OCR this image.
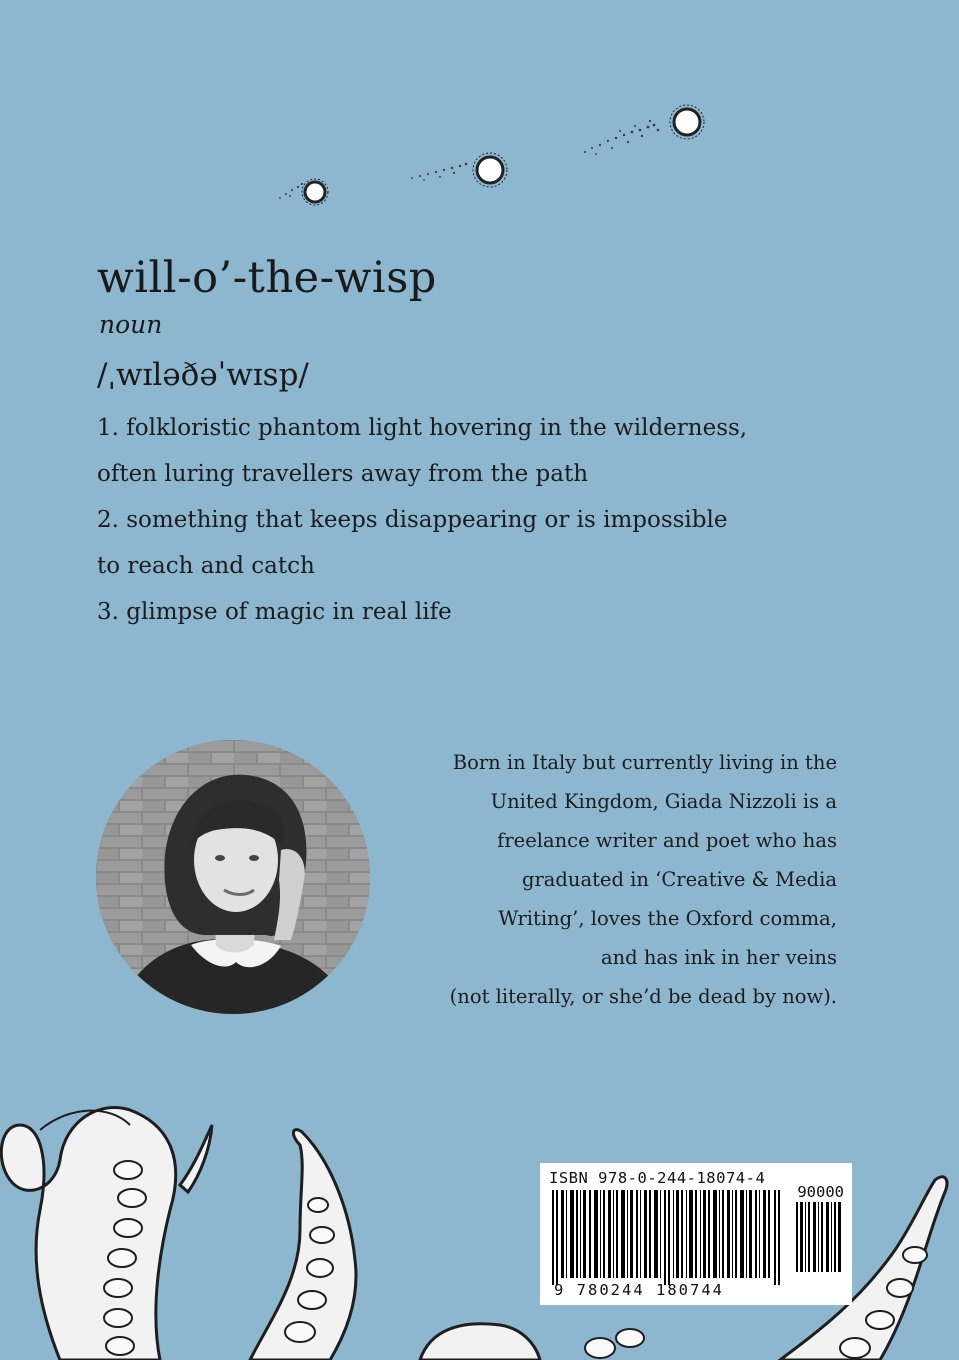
will-o’-the-wisp
noun
/ˌwɪləðəˈwɪsp/
1. folkloristic phantom light hovering in the wilderness,
often luring travellers away from the path
2. something that keeps disappearing or is impossible
to reach and catch
3. glimpse of magic in real life
Born in Italy but currently living in the
United Kingdom, Giada Nizzoli is a
freelance writer and poet who has
graduated in ‘Creative & Media
Writing’, loves the Oxford comma,
and has ink in her veins
(not literally, or she’d be dead by now).
ISBN 978-0-244-18074-4
90000
9 780244 180744
